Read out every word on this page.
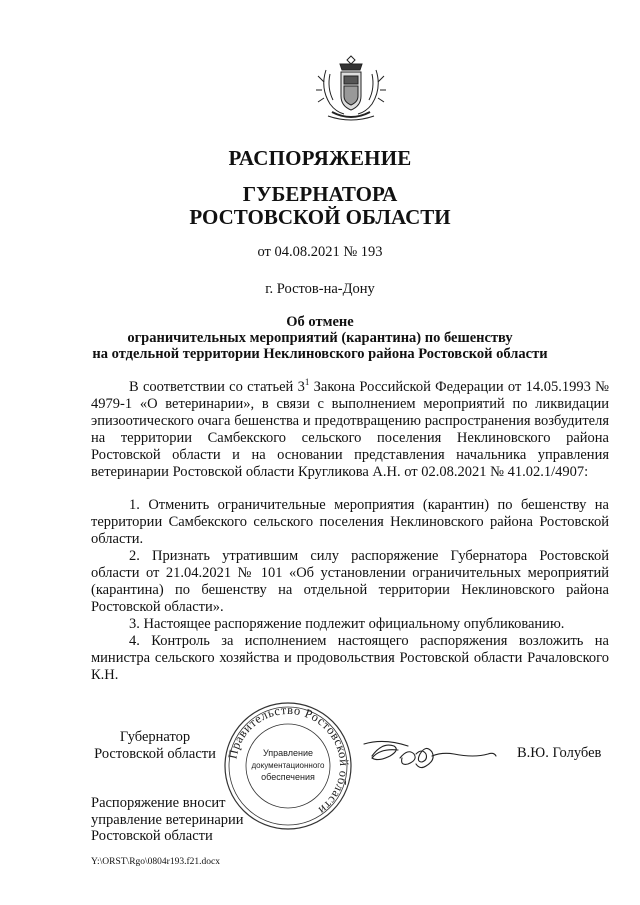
РАСПОРЯЖЕНИЕ
ГУБЕРНАТОРА
РОСТОВСКОЙ ОБЛАСТИ
от 04.08.2021 № 193
г. Ростов-на-Дону
Об отмене
ограничительных мероприятий (карантина) по бешенству
на отдельной территории Неклиновского района Ростовской области

В соответствии со статьей $3^1$ Закона Российской Федерации от 14.05.1993 № 4979-1 «О ветеринарии», в связи с выполнением мероприятий по ликвидации эпизоотического очага бешенства и предотвращению распространения возбудителя на территории Самбекского сельского поселения Неклиновского района Ростовской области и на основании представления начальника управления ветеринарии Ростовской области Кругликова А.Н. от 02.08.2021 № 41.02.1/4907:

1. Отменить ограничительные мероприятия (карантин) по бешенству на территории Самбекского сельского поселения Неклиновского района Ростовской области.

2. Признать утратившим силу распоряжение Губернатора Ростовской области от 21.04.2021 № 101 «Об установлении ограничительных мероприятий (карантина) по бешенству на отдельной территории Неклиновского района Ростовской области».

3. Настоящее распоряжение подлежит официальному опубликованию.

4. Контроль за исполнением настоящего распоряжения возложить на министра сельского хозяйства и продовольствия Ростовской области Рачаловского К.Н.

Губернатор
Ростовской области Правительство Ростовской области
Управление
документационного
обеспечения
В.Ю. Голубев
Распоряжение вносит
управление ветеринарии
Ростовской области
Y:\ORST\Rgo\0804r193.f21.docx
